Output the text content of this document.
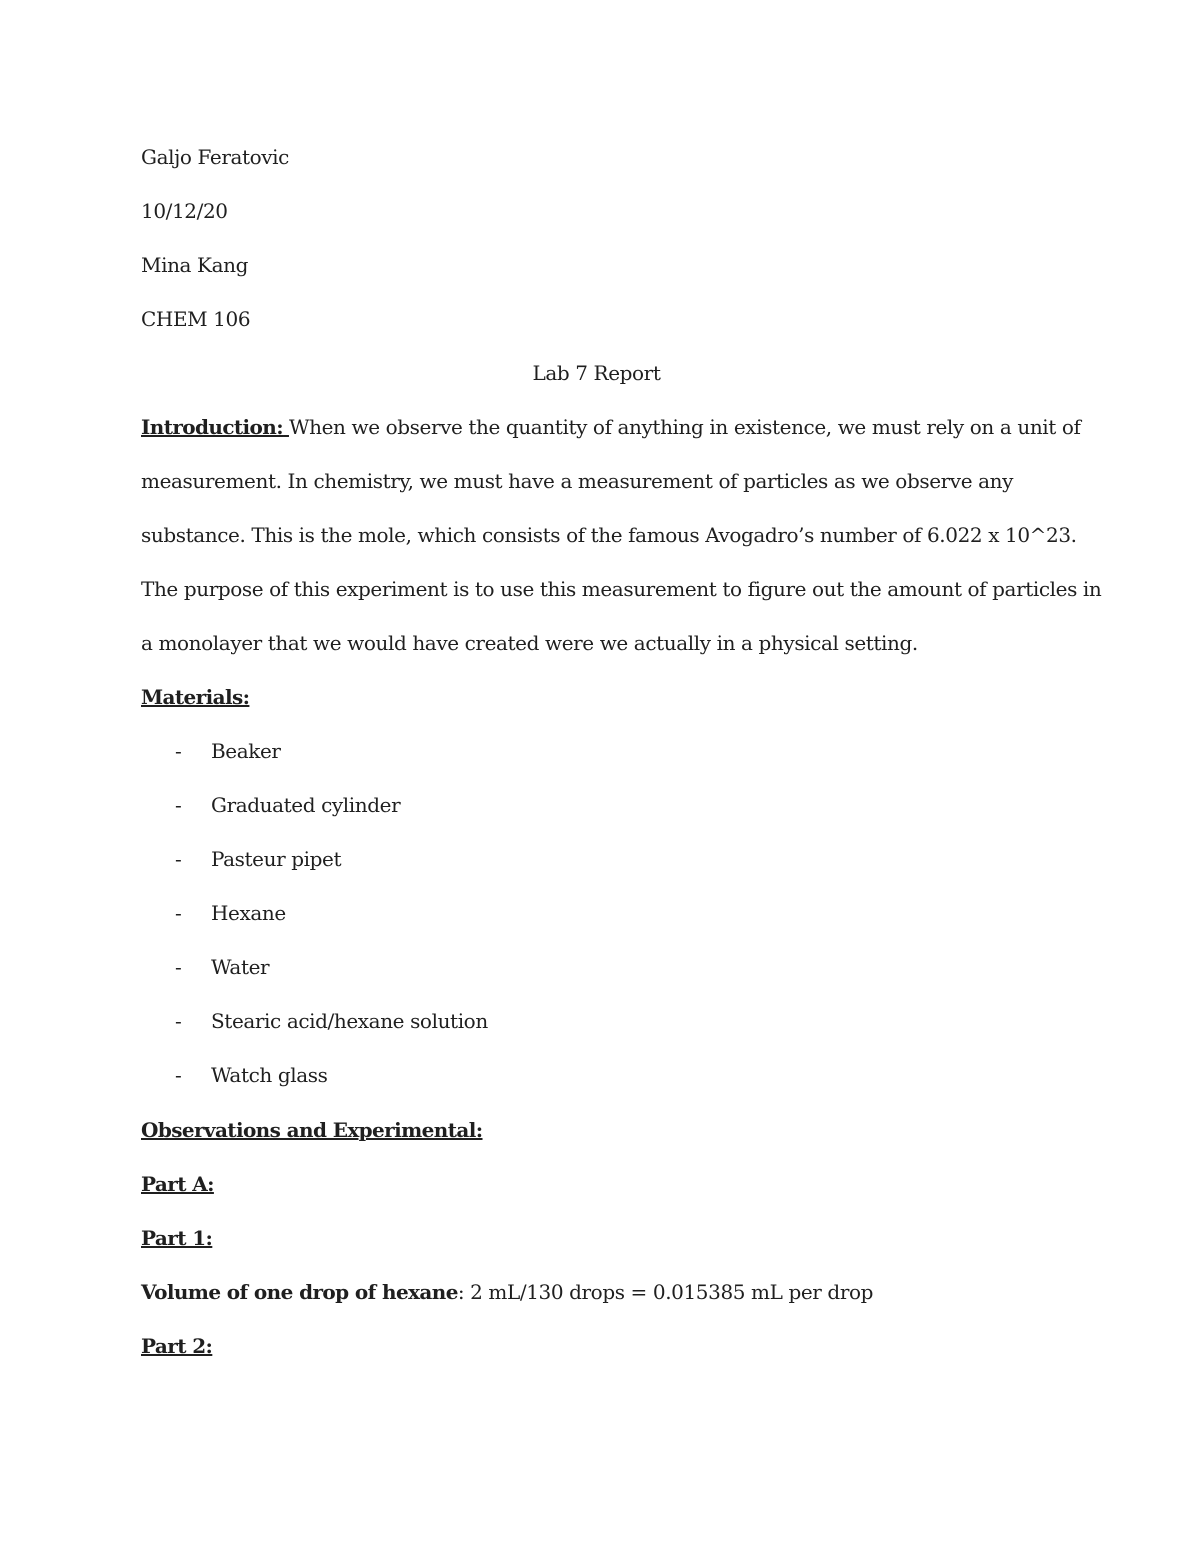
Galjo Feratovic
10/12/20
Mina Kang
CHEM 106
Lab 7 Report
Introduction: When we observe the quantity of anything in existence, we must rely on a unit of
measurement. In chemistry, we must have a measurement of particles as we observe any
substance. This is the mole, which consists of the famous Avogadro’s number of 6.022 x 10^23.
The purpose of this experiment is to use this measurement to figure out the amount of particles in
a monolayer that we would have created were we actually in a physical setting.
Materials:
- Beaker
- Graduated cylinder
- Pasteur pipet
- Hexane
- Water
- Stearic acid/hexane solution
- Watch glass
Observations and Experimental:
Part A:
Part 1:
Volume of one drop of hexane: 2 mL/130 drops = 0.015385 mL per drop
Part 2:
